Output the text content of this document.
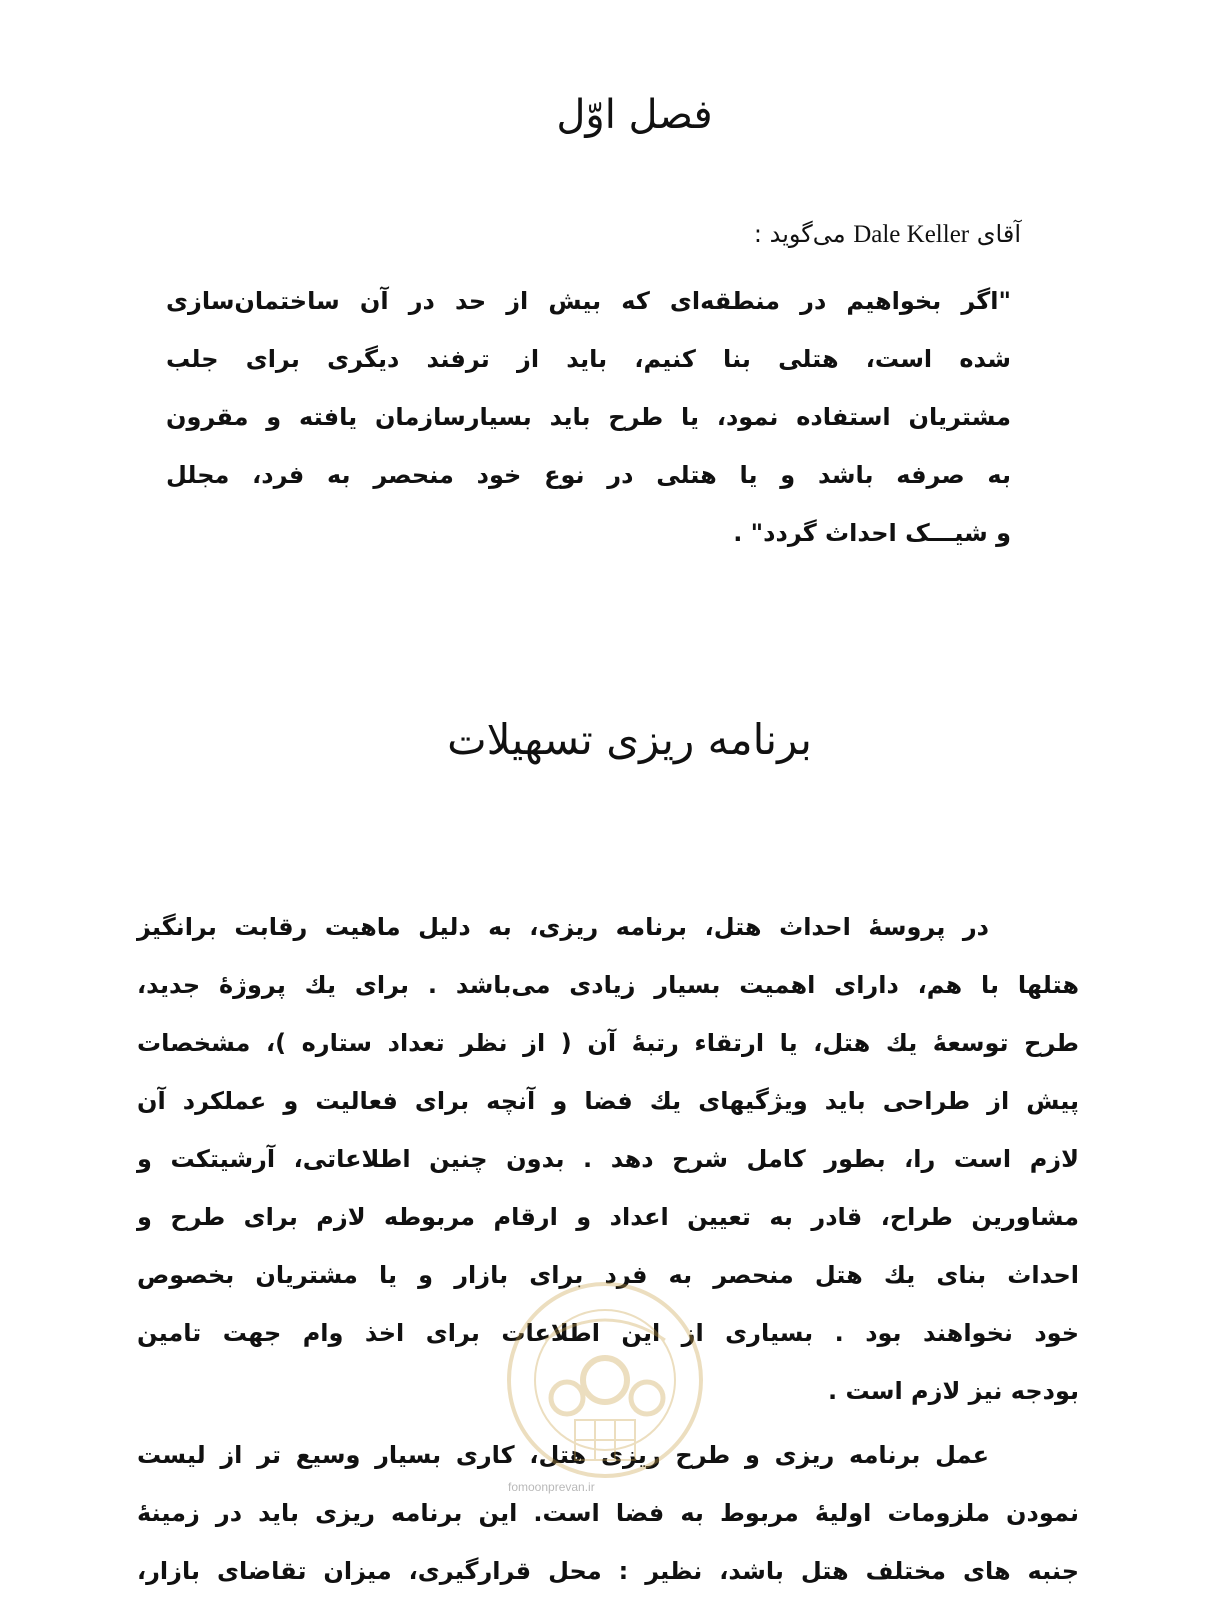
فصل اوّل
آقای Dale Keller می‌گوید :
"اگر بخواهیم در منطقه‌ای که بیش از حد در آن ساختمان‌سازی
شده است، هتلی بنا کنیم، باید از ترفند دیگری برای جلب
مشتریان استفاده نمود، یا طرح باید بسیارسازمان یافته و مقرون
به صرفه باشد و یا هتلی در نوع خود منحصر به فرد، مجلل
و شیـــک احداث گردد" .
برنامه ریزی تسهیلات
در پروسهٔ احداث هتل، برنامه ریزی، به دلیل ماهیت رقابت برانگیز
هتلها با هم، دارای اهمیت بسیار زیادی می‌باشد . برای یك پروژهٔ جدید،
طرح توسعهٔ یك هتل، یا ارتقاء رتبهٔ آن ( از نظر تعداد ستاره )، مشخصات
پیش از طراحی باید ویژگیهای یك فضا و آنچه برای فعالیت و عملکرد آن
لازم است را، بطور کامل شرح دهد . بدون چنین اطلاعاتی، آرشیتکت و
مشاورین طراح، قادر به تعیین اعداد و ارقام مربوطه لازم برای طرح و
احداث بنای یك هتل منحصر به فرد برای بازار و یا مشتریان بخصوص
خود نخواهند بود . بسیاری از این اطلاعات برای اخذ وام جهت تامین
بودجه نیز لازم است .
عمل برنامه ریزی و طرح ریزی هتل، کاری بسیار وسیع تر از لیست
نمودن ملزومات اولیهٔ مربوط به فضا است. این برنامه ریزی باید در زمینهٔ
جنبه های مختلف هتل باشد، نظیر : محل قرارگیری، میزان تقاضای بازار،
fomoonprevan.ir
